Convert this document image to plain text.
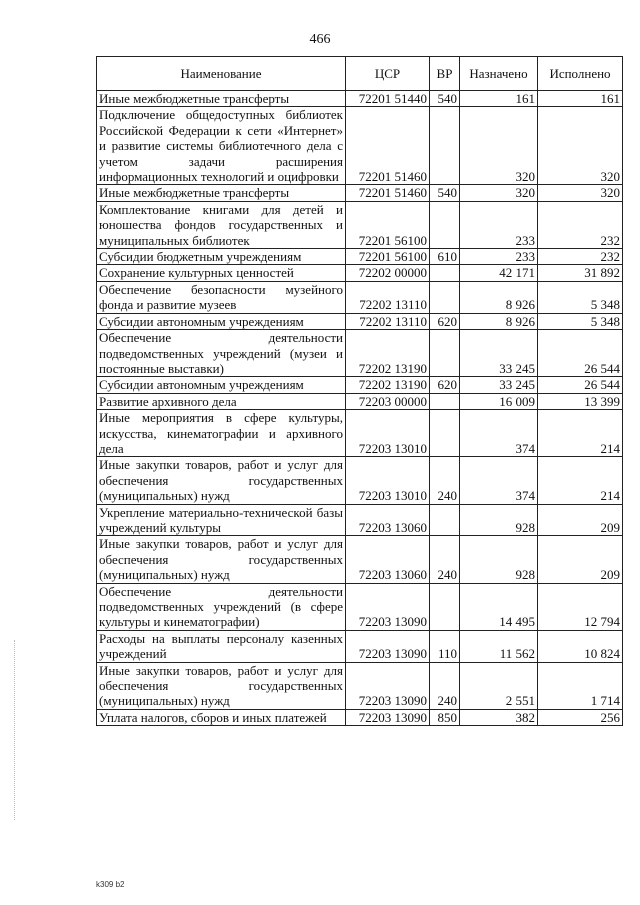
466
Наименование	ЦСР	ВР	Назначено	Исполнено
Иные межбюджетные трансферты	72201 51440	540	161	161
Подключение общедоступных библиотек Российской Федерации к сети «Интернет» и развитие системы библиотечного дела с учетом задачи расширения информационных технологий и оцифровки	72201 51460		320	320
Иные межбюджетные трансферты	72201 51460	540	320	320
Комплектование книгами для детей и юношества фондов государственных и муниципальных библиотек	72201 56100		233	232
Субсидии бюджетным учреждениям	72201 56100	610	233	232
Сохранение культурных ценностей	72202 00000		42 171	31 892
Обеспечение безопасности музейного фонда и развитие музеев	72202 13110		8 926	5 348
Субсидии автономным учреждениям	72202 13110	620	8 926	5 348
Обеспечение деятельности подведомственных учреждений (музеи и постоянные выставки)	72202 13190		33 245	26 544
Субсидии автономным учреждениям	72202 13190	620	33 245	26 544
Развитие архивного дела	72203 00000		16 009	13 399
Иные мероприятия в сфере культуры, искусства, кинематографии и архивного дела	72203 13010		374	214
Иные закупки товаров, работ и услуг для обеспечения государственных (муниципальных) нужд	72203 13010	240	374	214
Укрепление материально-технической базы учреждений культуры	72203 13060		928	209
Иные закупки товаров, работ и услуг для обеспечения государственных (муниципальных) нужд	72203 13060	240	928	209
Обеспечение деятельности подведомственных учреждений (в сфере культуры и кинематографии)	72203 13090		14 495	12 794
Расходы на выплаты персоналу казенных учреждений	72203 13090	110	11 562	10 824
Иные закупки товаров, работ и услуг для обеспечения государственных (муниципальных) нужд	72203 13090	240	2 551	1 714
Уплата налогов, сборов и иных платежей	72203 13090	850	382	256
k309 b2
